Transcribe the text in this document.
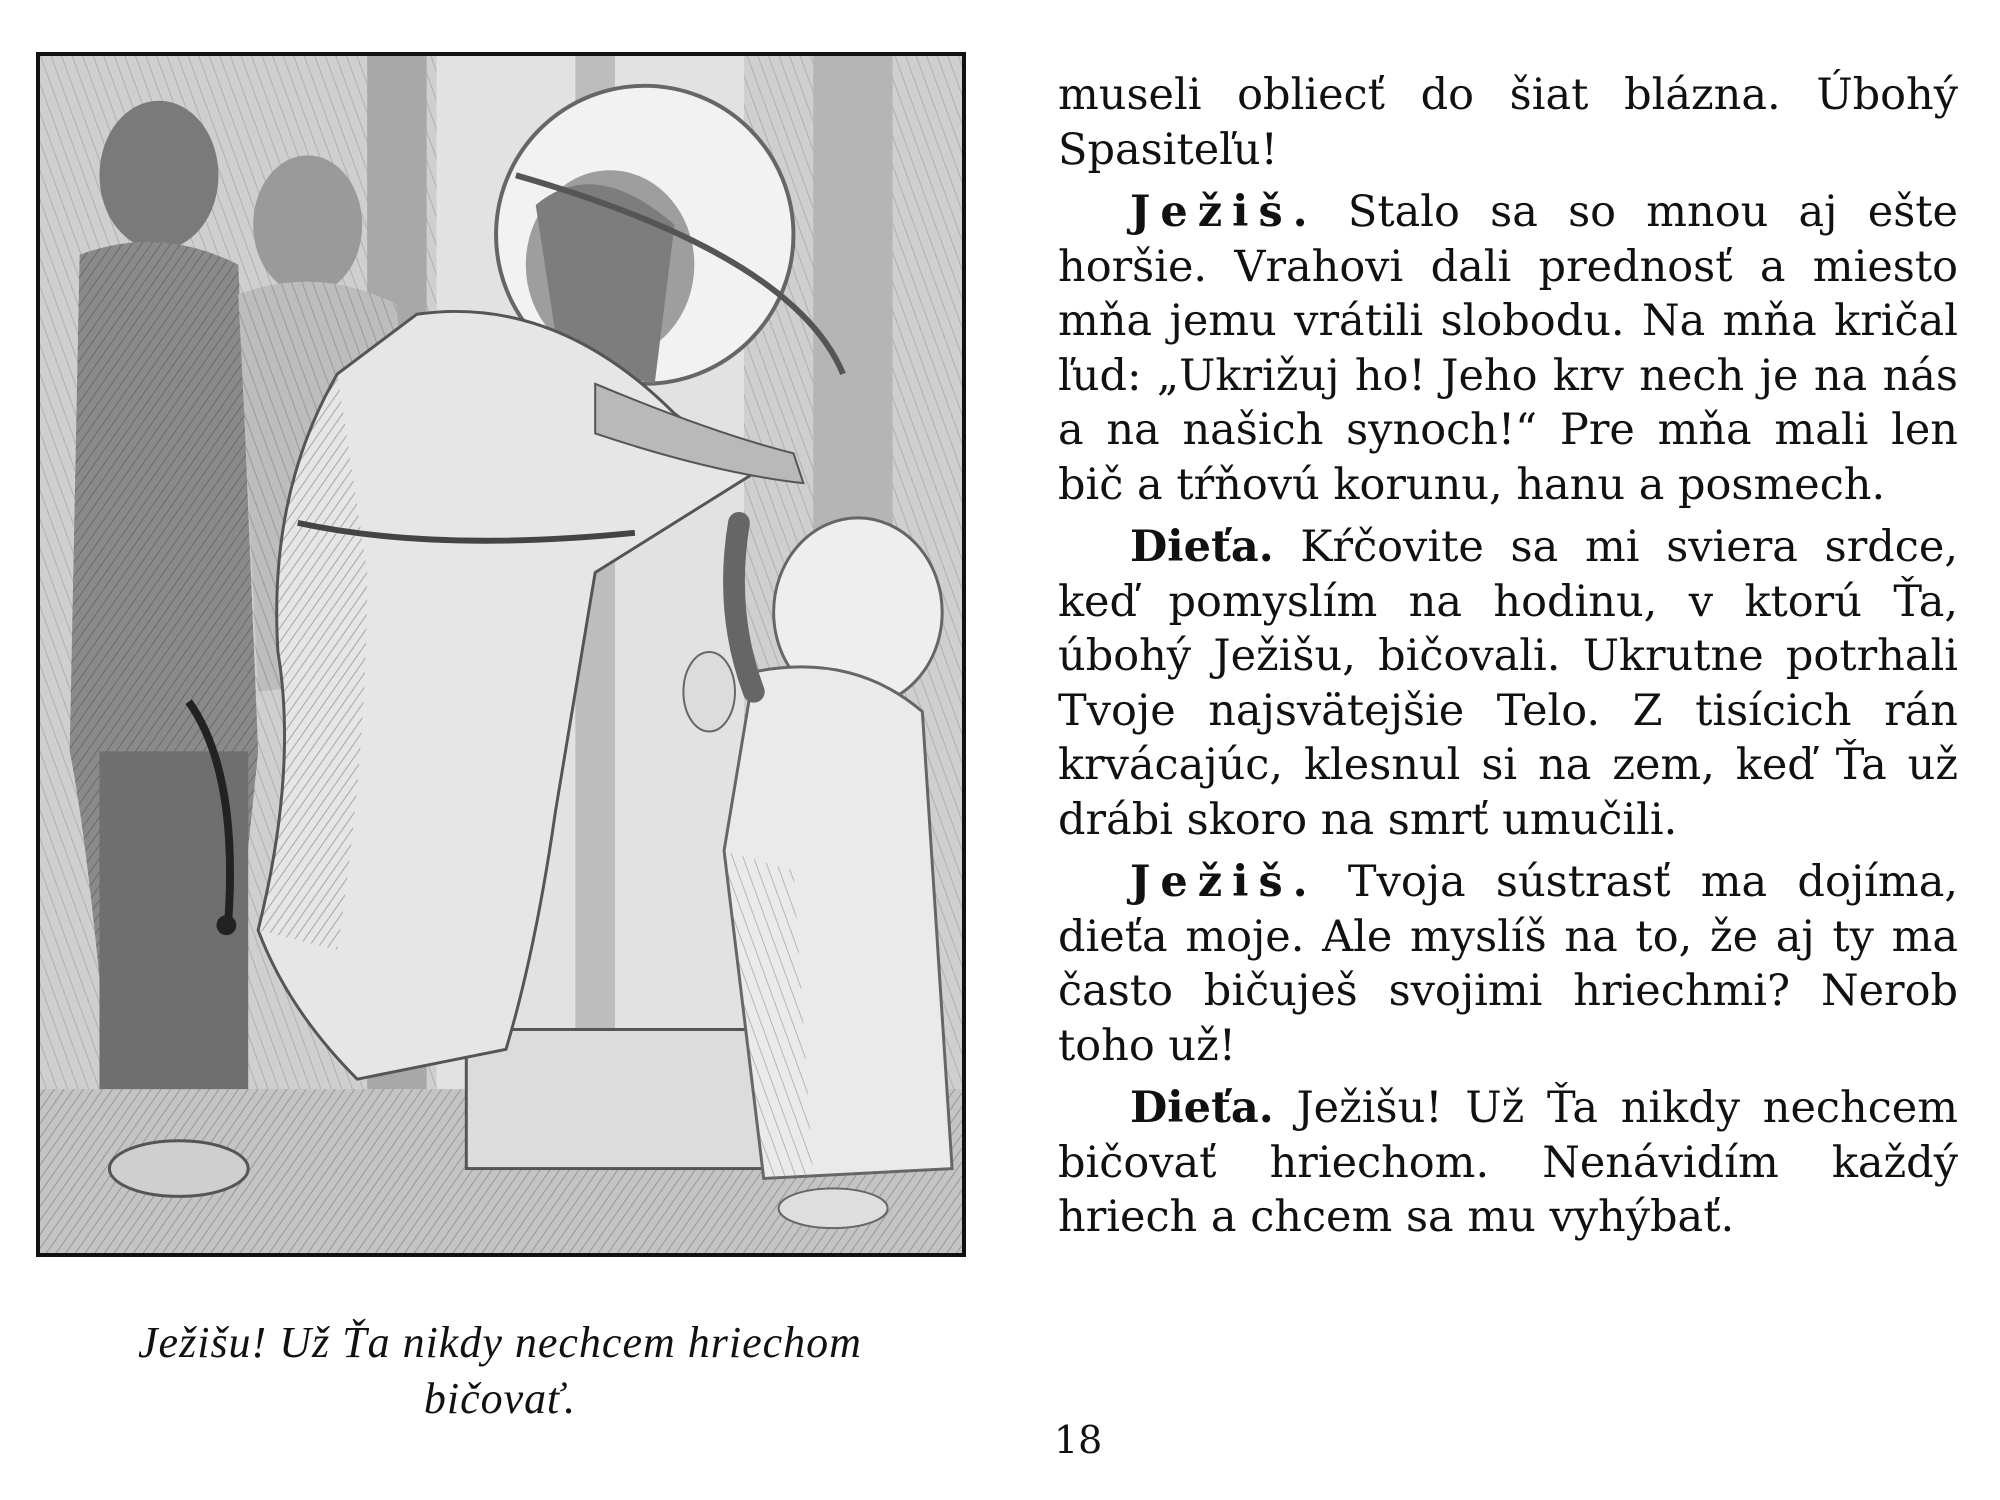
Ježišu! Už Ťa nikdy nechcem hriechom
bičovať.

museli obliecť do šiat blázna. Úbohý Spasiteľu!

Ježiš. Stalo sa so mnou aj ešte horšie. Vrahovi dali prednosť a miesto mňa jemu vrátili slobodu. Na mňa kričal ľud: „Ukrižuj ho! Jeho krv nech je na nás a na našich synoch!“ Pre mňa mali len bič a tŕňovú korunu, hanu a posmech.

Dieťa. Kŕčovite sa mi sviera srdce, keď pomyslím na hodinu, v ktorú Ťa, úbohý Ježišu, bičovali. Ukrutne potrhali Tvoje najsvätejšie Telo. Z tisícich rán krvácajúc, klesnul si na zem, keď Ťa už drábi skoro na smrť umučili.

Ježiš. Tvoja sústrasť ma dojíma, dieťa moje. Ale myslíš na to, že aj ty ma často bičuješ svojimi hriechmi? Nerob toho už!

Dieťa. Ježišu! Už Ťa nikdy nechcem bičovať hriechom. Nenávidím každý hriech a chcem sa mu vyhýbať.

18
